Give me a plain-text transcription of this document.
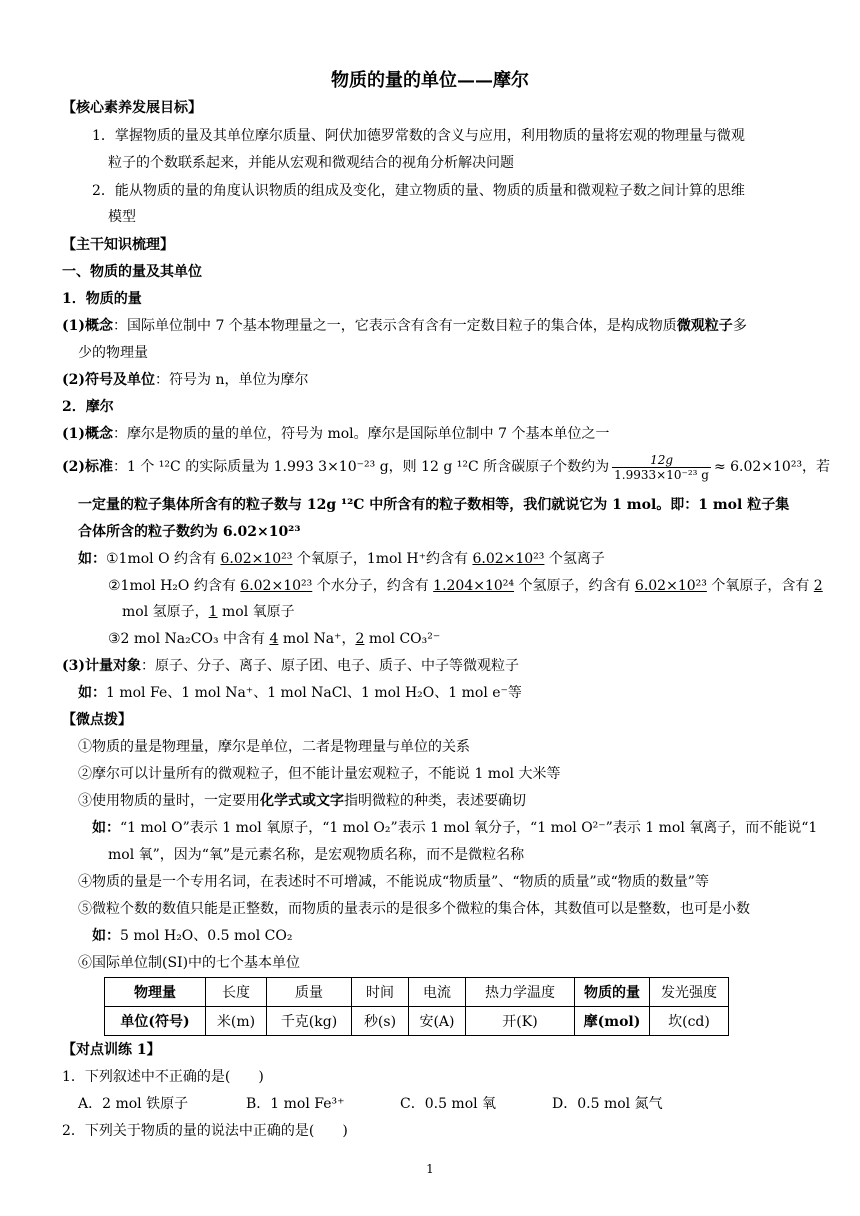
物质的量的单位——摩尔
【核心素养发展目标】
1．掌握物质的量及其单位摩尔质量、阿伏加德罗常数的含义与应用，利用物质的量将宏观的物理量与微观
粒子的个数联系起来，并能从宏观和微观结合的视角分析解决问题
2．能从物质的量的角度认识物质的组成及变化，建立物质的量、物质的质量和微观粒子数之间计算的思维
模型
【主干知识梳理】
一、物质的量及其单位
1．物质的量
(1)概念：国际单位制中 7 个基本物理量之一，它表示含有含有一定数目粒子的集合体，是构成物质微观粒子多
少的物理量
(2)符号及单位：符号为 n，单位为摩尔
2．摩尔
(1)概念：摩尔是物质的量的单位，符号为 mol。摩尔是国际单位制中 7 个基本单位之一
(2)标准：1 个 ¹²C 的实际质量为 1.993 3×10⁻²³ g，则 12 g ¹²C 所含碳原子个数约为 $\frac{12g}{\text{1.9933×10⁻²³ g}} \approx 6.02\times 10^{23}$，若
一定量的粒子集体所含有的粒子数与 12g ¹²C 中所含有的粒子数相等，我们就说它为 1 mol。即：1 mol 粒子集
合体所含的粒子数约为 6.02×10²³
如：①1mol O 约含有 6.02×10²³ 个氧原子，1mol H⁺约含有 6.02×10²³ 个氢离子
②1mol H₂O 约含有 6.02×10²³ 个水分子，约含有 1.204×10²⁴ 个氢原子，约含有 6.02×10²³ 个氧原子，含有 2
mol 氢原子，1 mol 氧原子
③2 mol Na₂CO₃ 中含有 4 mol Na⁺，2 mol CO₃²⁻
(3)计量对象：原子、分子、离子、原子团、电子、质子、中子等微观粒子
如：1 mol Fe、1 mol Na⁺、1 mol NaCl、1 mol H₂O、1 mol e⁻等
【微点拨】
①物质的量是物理量，摩尔是单位，二者是物理量与单位的关系
②摩尔可以计量所有的微观粒子，但不能计量宏观粒子，不能说 1 mol 大米等
③使用物质的量时，一定要用化学式或文字指明微粒的种类，表述要确切
如：“1 mol O”表示 1 mol 氧原子，“1 mol O₂”表示 1 mol 氧分子，“1 mol O²⁻”表示 1 mol 氧离子，而不能说“1
mol 氧”，因为“氧”是元素名称，是宏观物质名称，而不是微粒名称
④物质的量是一个专用名词，在表述时不可增减，不能说成“物质量”、“物质的质量”或“物质的数量”等
⑤微粒个数的数值只能是正整数，而物质的量表示的是很多个微粒的集合体，其数值可以是整数，也可是小数
如：5 mol H₂O、0.5 mol CO₂
⑥国际单位制(SI)中的七个基本单位
物理量	长度	质量	时间	电流	热力学温度	物质的量	发光强度
单位(符号)	米(m)	千克(kg)	秒(s)	安(A)	开(K)	摩(mol)	坎(cd)
【对点训练 1】
1．下列叙述中不正确的是(　　)
A．2 mol 铁原子	B．1 mol Fe³⁺	C．0.5 mol 氧	D．0.5 mol 氮气
2．下列关于物质的量的说法中正确的是(　　)
1
